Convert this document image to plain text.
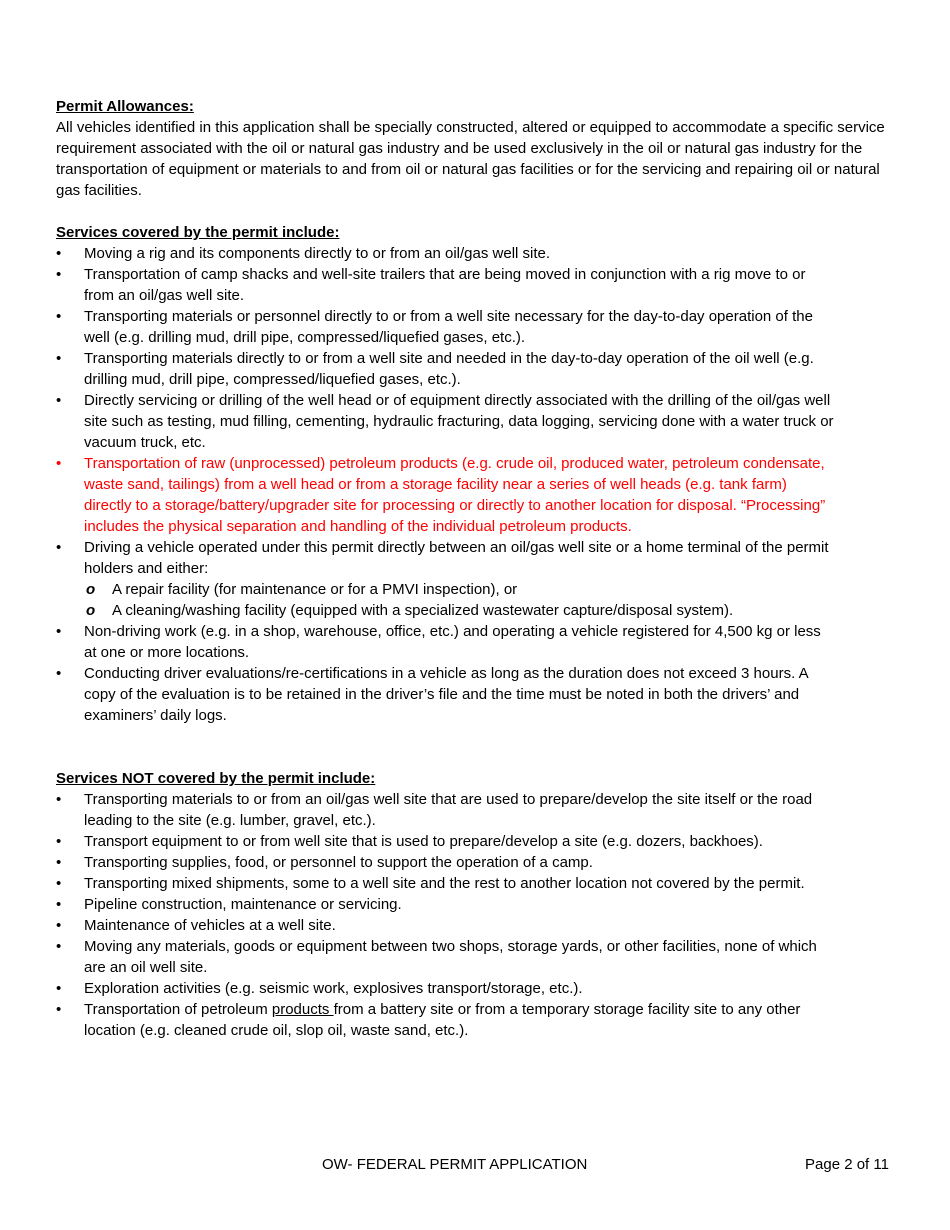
Permit Allowances:

All vehicles identified in this application shall be specially constructed, altered or equipped to accommodate a specific service requirement associated with the oil or natural gas industry and be used exclusively in the oil or natural gas industry for the transportation of equipment or materials to and from oil or natural gas facilities or for the servicing and repairing oil or natural gas facilities.

Services covered by the permit include:

• Moving a rig and its components directly to or from an oil/gas well site.
• Transportation of camp shacks and well-site trailers that are being moved in conjunction with a rig move to or from an oil/gas well site.
• Transporting materials or personnel directly to or from a well site necessary for the day-to-day operation of the well (e.g. drilling mud, drill pipe, compressed/liquefied gases, etc.).
• Transporting materials directly to or from a well site and needed in the day-to-day operation of the oil well (e.g. drilling mud, drill pipe, compressed/liquefied gases, etc.).
• Directly servicing or drilling of the well head or of equipment directly associated with the drilling of the oil/gas well site such as testing, mud filling, cementing, hydraulic fracturing, data logging, servicing done with a water truck or vacuum truck, etc.
• Transportation of raw (unprocessed) petroleum products (e.g. crude oil, produced water, petroleum condensate, waste sand, tailings) from a well head or from a storage facility near a series of well heads (e.g. tank farm) directly to a storage/battery/upgrader site for processing or directly to another location for disposal. “Processing” includes the physical separation and handling of the individual petroleum products.
• Driving a vehicle operated under this permit directly between an oil/gas well site or a home terminal of the permit holders and either:
o A repair facility (for maintenance or for a PMVI inspection), or
o A cleaning/washing facility (equipped with a specialized wastewater capture/disposal system).
• Non-driving work (e.g. in a shop, warehouse, office, etc.) and operating a vehicle registered for 4,500 kg or less at one or more locations.
• Conducting driver evaluations/re-certifications in a vehicle as long as the duration does not exceed 3 hours. A copy of the evaluation is to be retained in the driver’s file and the time must be noted in both the drivers’ and examiners’ daily logs.

Services NOT covered by the permit include:

• Transporting materials to or from an oil/gas well site that are used to prepare/develop the site itself or the road leading to the site (e.g. lumber, gravel, etc.).
• Transport equipment to or from well site that is used to prepare/develop a site (e.g. dozers, backhoes).
• Transporting supplies, food, or personnel to support the operation of a camp.
• Transporting mixed shipments, some to a well site and the rest to another location not covered by the permit.
• Pipeline construction, maintenance or servicing.
• Maintenance of vehicles at a well site.
• Moving any materials, goods or equipment between two shops, storage yards, or other facilities, none of which are an oil well site.
• Exploration activities (e.g. seismic work, explosives transport/storage, etc.).
• Transportation of petroleum products from a battery site or from a temporary storage facility site to any other location (e.g. cleaned crude oil, slop oil, waste sand, etc.).
OW- FEDERAL PERMIT APPLICATION	Page 2 of 11
